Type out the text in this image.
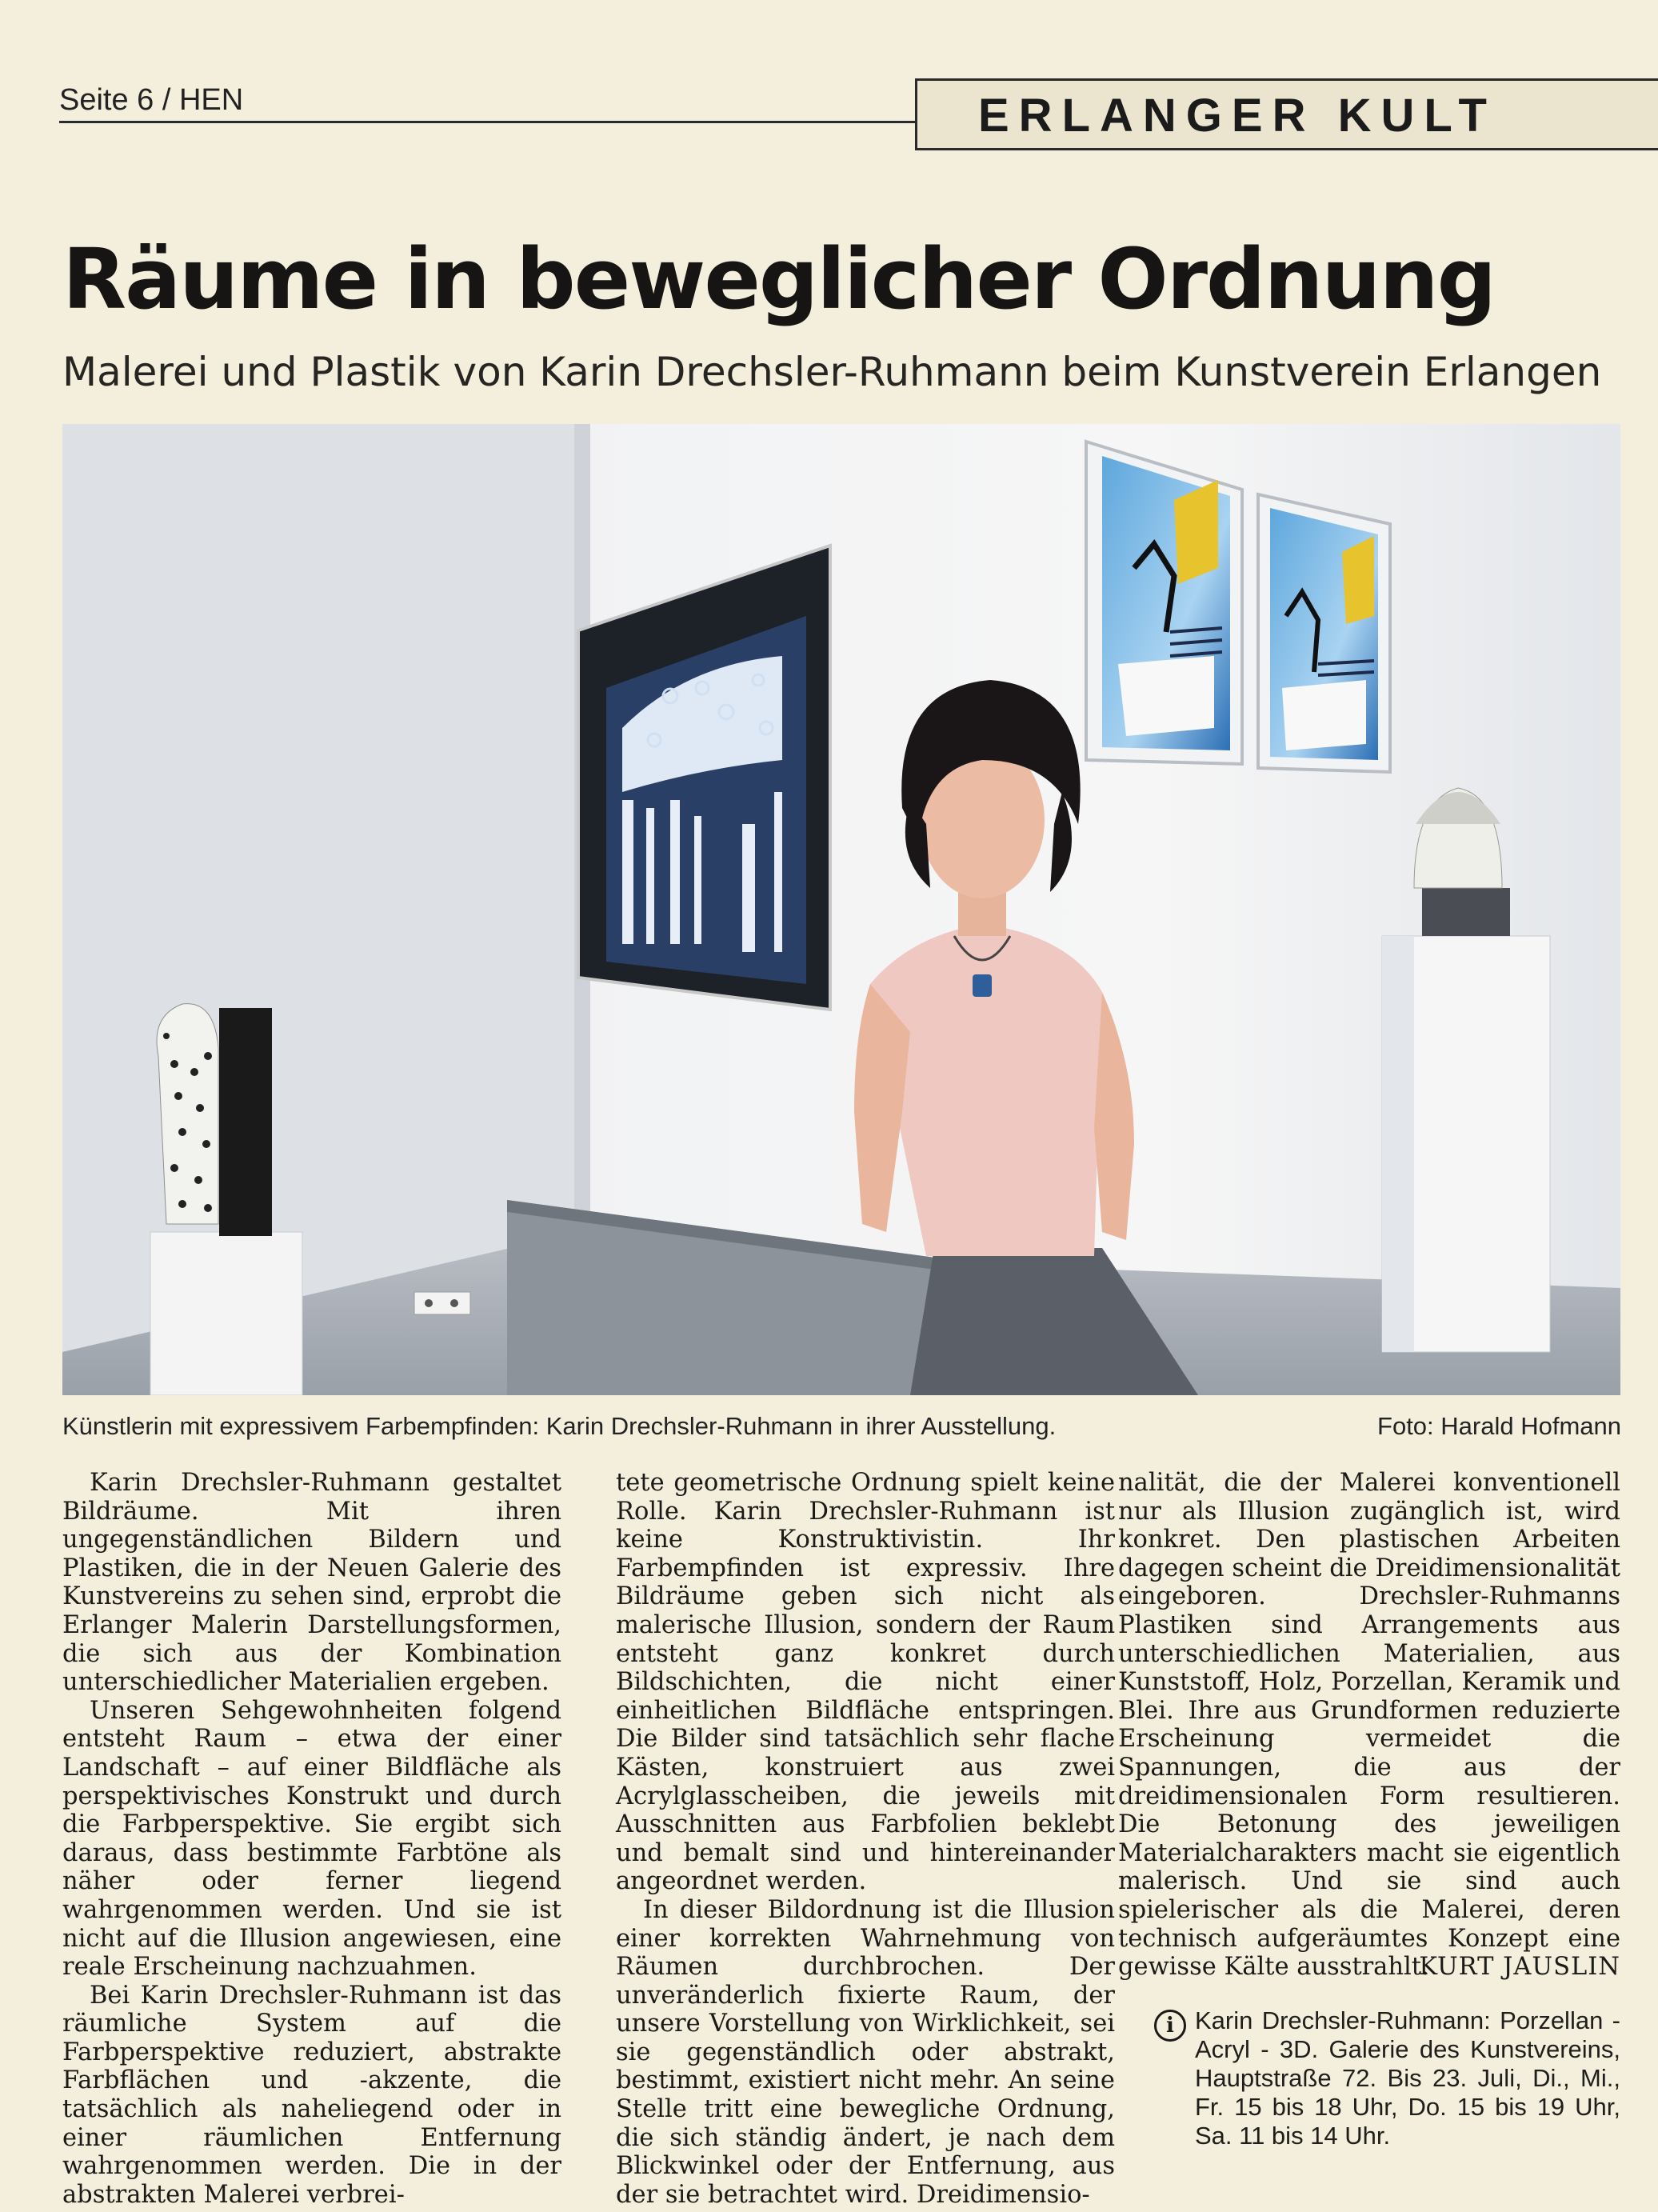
Seite 6 / HEN	ERLANGER KULT
Räume in beweglicher Ordnung
Malerei und Plastik von Karin Drechsler-Ruhmann beim Kunstverein Erlangen
Künstlerin mit expressivem Farbempfinden: Karin Drechsler-Ruhmann in ihrer Ausstellung.	Foto: Harald Hofmann

Karin Drechsler-Ruhmann gestaltet Bildräume. Mit ihren ungegenständlichen Bildern und Plastiken, die in der Neuen Galerie des Kunstvereins zu sehen sind, erprobt die Erlanger Malerin Darstellungsformen, die sich aus der Kombination unterschiedlicher Materialien ergeben.

Unseren Sehgewohnheiten folgend entsteht Raum – etwa der einer Landschaft – auf einer Bildfläche als perspektivisches Konstrukt und durch die Farbperspektive. Sie ergibt sich daraus, dass bestimmte Farbtöne als näher oder ferner liegend wahrgenommen werden. Und sie ist nicht auf die Illusion angewiesen, eine reale Erscheinung nachzuahmen.

Bei Karin Drechsler-Ruhmann ist das räumliche System auf die Farbperspektive reduziert, abstrakte Farbflächen und -akzente, die tatsächlich als naheliegend oder in einer räumlichen Entfernung wahrgenommen werden. Die in der abstrakten Malerei verbrei-

tete geometrische Ordnung spielt keine Rolle. Karin Drechsler-Ruhmann ist keine Konstruktivistin. Ihr Farbempfinden ist expressiv. Ihre Bildräume geben sich nicht als malerische Illusion, sondern der Raum entsteht ganz konkret durch Bildschichten, die nicht einer einheitlichen Bildfläche entspringen. Die Bilder sind tatsächlich sehr flache Kästen, konstruiert aus zwei Acrylglasscheiben, die jeweils mit Ausschnitten aus Farbfolien beklebt und bemalt sind und hintereinander angeordnet werden.

In dieser Bildordnung ist die Illusion einer korrekten Wahrnehmung von Räumen durchbrochen. Der unveränderlich fixierte Raum, der unsere Vorstellung von Wirklichkeit, sei sie gegenständlich oder abstrakt, bestimmt, existiert nicht mehr. An seine Stelle tritt eine bewegliche Ordnung, die sich ständig ändert, je nach dem Blickwinkel oder der Entfernung, aus der sie betrachtet wird. Dreidimensio-

nalität, die der Malerei konventionell nur als Illusion zugänglich ist, wird konkret. Den plastischen Arbeiten dagegen scheint die Dreidimensionalität eingeboren. Drechsler-Ruhmanns Plastiken sind Arrangements aus unterschiedlichen Materialien, aus Kunststoff, Holz, Porzellan, Keramik und Blei. Ihre aus Grundformen reduzierte Erscheinung vermeidet die Spannungen, die aus der dreidimensionalen Form resultieren. Die Betonung des jeweiligen Materialcharakters macht sie eigentlich malerisch. Und sie sind auch spielerischer als die Malerei, deren technisch aufgeräumtes Konzept eine gewisse Kälte ausstrahlt.

KURT JAUSLIN

i Karin Drechsler-Ruhmann: Porzellan - Acryl - 3D. Galerie des Kunstvereins, Hauptstraße 72. Bis 23. Juli, Di., Mi., Fr. 15 bis 18 Uhr, Do. 15 bis 19 Uhr, Sa. 11 bis 14 Uhr.
